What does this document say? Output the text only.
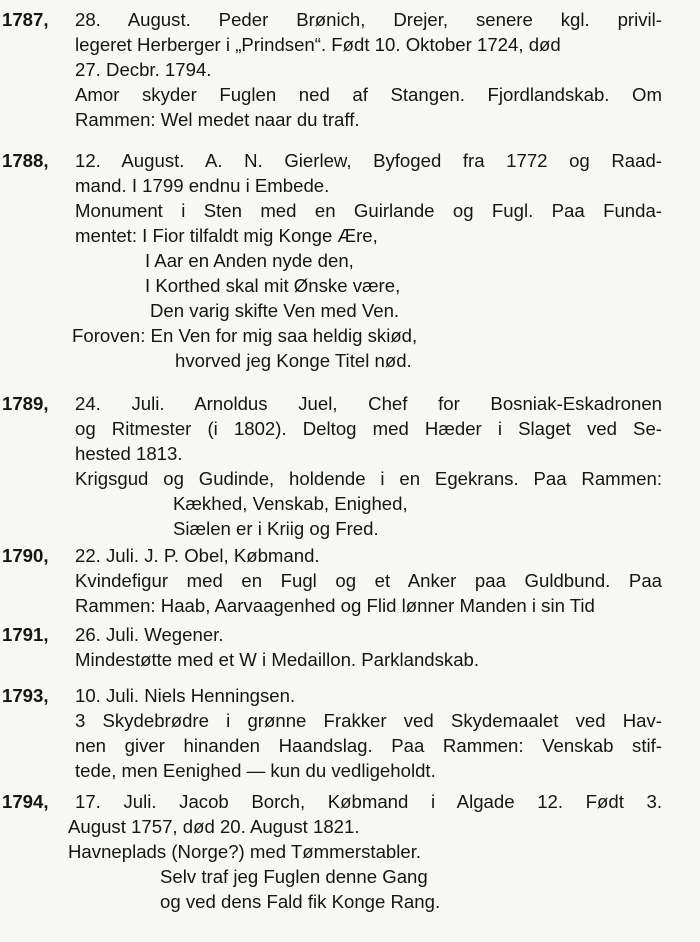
1787,	28. August. Peder Brønich, Drejer, senere kgl. privil-
legeret Herberger i „Prindsen“. Født 10. Oktober 1724, død
27. Decbr. 1794.
Amor skyder Fuglen ned af Stangen. Fjordlandskab. Om
Rammen: Wel medet naar du traff.
1788,	12. August. A. N. Gierlew, Byfoged fra 1772 og Raad-
mand. I 1799 endnu i Embede.
Monument i Sten med en Guirlande og Fugl. Paa Funda-
mentet: I Fior tilfaldt mig Konge Ære,
I Aar en Anden nyde den,
I Korthed skal mit Ønske være,
Den varig skifte Ven med Ven.
Foroven: En Ven for mig saa heldig skiød,
hvorved jeg Konge Titel nød.
1789,	24. Juli. Arnoldus Juel, Chef for Bosniak-Eskadronen
og Ritmester (i 1802). Deltog med Hæder i Slaget ved Se-
hested 1813.
Krigsgud og Gudinde, holdende i en Egekrans. Paa Rammen:
Kækhed, Venskab, Enighed,
Siælen er i Kriig og Fred.
1790,	22. Juli. J. P. Obel, Købmand.
Kvindefigur med en Fugl og et Anker paa Guldbund. Paa
Rammen: Haab, Aarvaagenhed og Flid lønner Manden i sin Tid
1791,	26. Juli. Wegener.
Mindestøtte med et W i Medaillon. Parklandskab.
1793,	10. Juli. Niels Henningsen.
3 Skydebrødre i grønne Frakker ved Skydemaalet ved Hav-
nen giver hinanden Haandslag. Paa Rammen: Venskab stif-
tede, men Eenighed — kun du vedligeholdt.
1794,	17. Juli. Jacob Borch, Købmand i Algade 12. Født 3.
August 1757, død 20. August 1821.
Havneplads (Norge?) med Tømmerstabler.
Selv traf jeg Fuglen denne Gang
og ved dens Fald fik Konge Rang.
